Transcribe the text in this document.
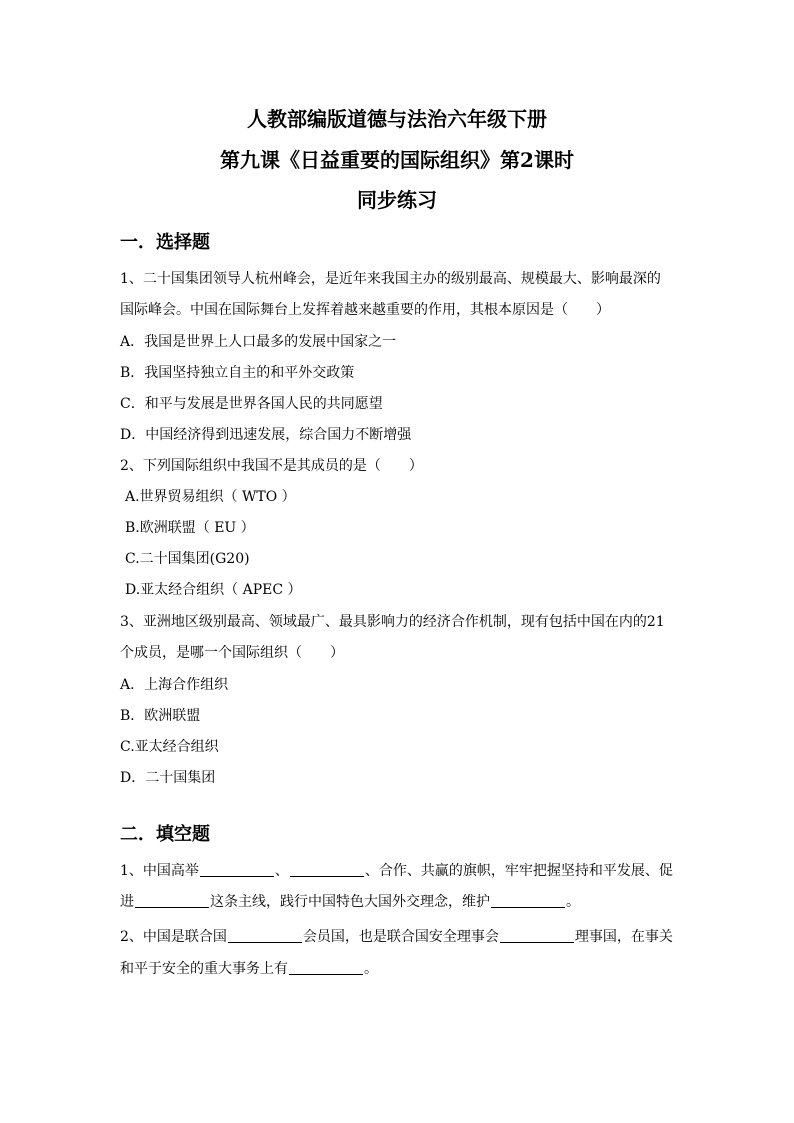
人教部编版道德与法治六年级下册
第九课《日益重要的国际组织》第2课时
同步练习
一．选择题
1、二十国集团领导人杭州峰会，是近年来我国主办的级别最高、规模最大、影响最深的
国际峰会。中国在国际舞台上发挥着越来越重要的作用，其根本原因是（　　）
A．我国是世界上人口最多的发展中国家之一
B．我国坚持独立自主的和平外交政策
C．和平与发展是世界各国人民的共同愿望
D．中国经济得到迅速发展，综合国力不断增强
2、下列国际组织中我国不是其成员的是（　　）
A.世界贸易组织（ WTO ）
B.欧洲联盟（ EU ）
C.二十国集团(G20)
D.亚太经合组织（ APEC ）
3、亚洲地区级别最高、领域最广、最具影响力的经济合作机制，现有包括中国在内的21
个成员，是哪一个国际组织（　　）
A．上海合作组织
B．欧洲联盟
C.亚太经合组织
D．二十国集团
二．填空题
1、中国高举	、	、合作、共赢的旗帜，牢牢把握坚持和平发展、促
进	这条主线，践行中国特色大国外交理念，维护	。
2、中国是联合国	会员国，也是联合国安全理事会	理事国，在事关
和平于安全的重大事务上有	。
